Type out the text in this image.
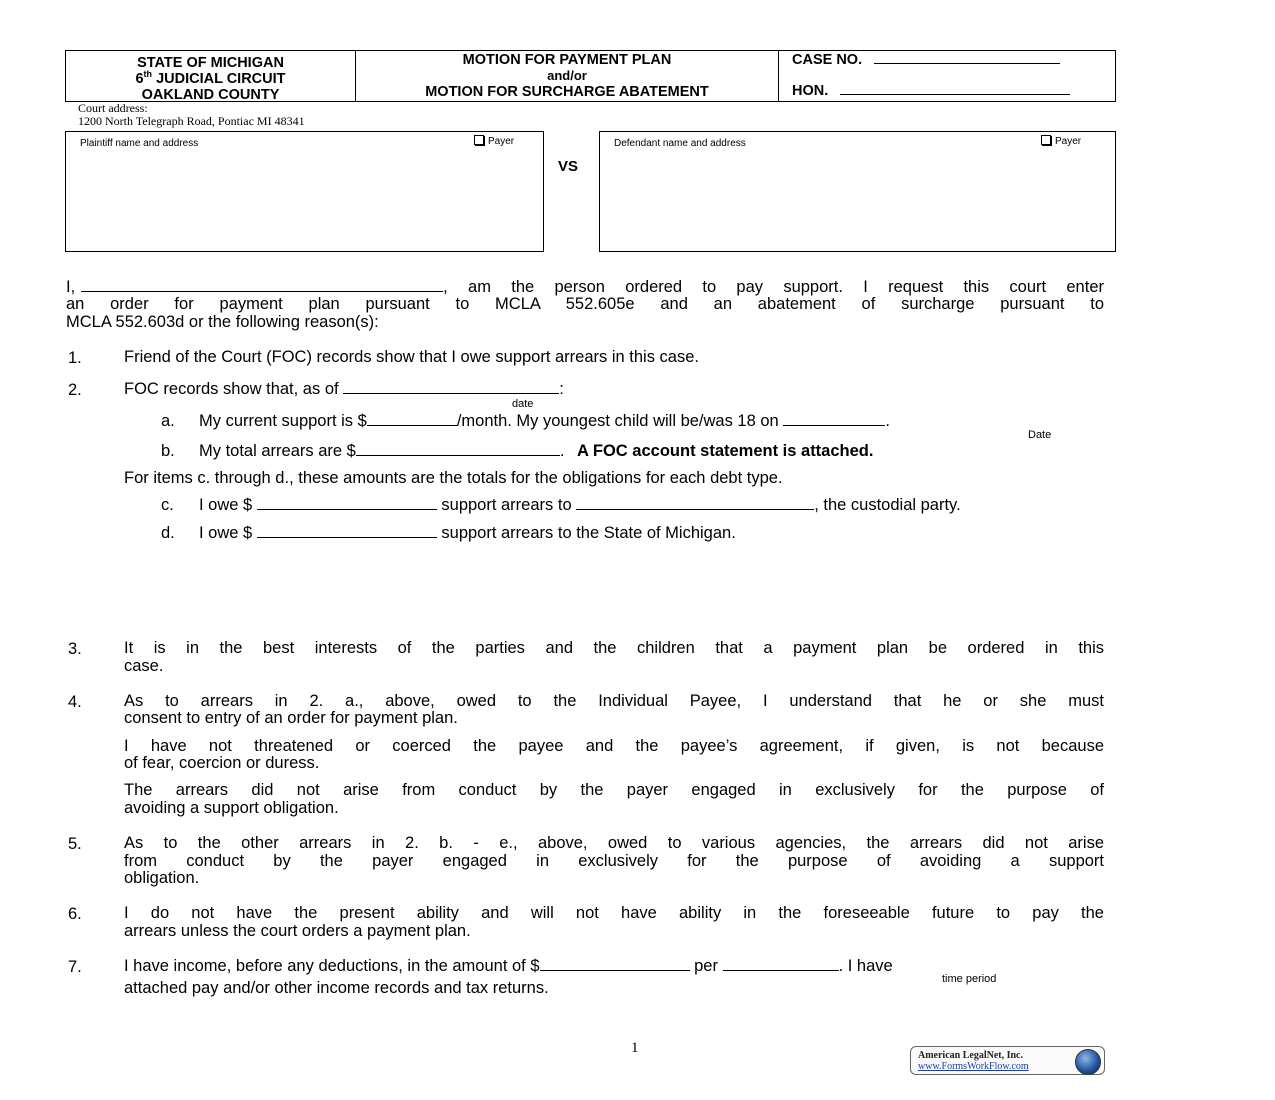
STATE OF MICHIGAN
6th JUDICIAL CIRCUIT
OAKLAND COUNTY
MOTION FOR PAYMENT PLAN
and/or
MOTION FOR SURCHARGE ABATEMENT
CASE NO.
HON.
Court address:
1200 North Telegraph Road, Pontiac MI 48341
Plaintiff name and address	Payer
VS
Defendant name and address	Payer
I,	, am the person ordered to pay support. I request this court enter
an order for payment plan pursuant to MCLA 552.605e and an abatement of surcharge pursuant to
MCLA 552.603d or the following reason(s):
1.	Friend of the Court (FOC) records show that I owe support arrears in this case.
2.	FOC records show that, as of	:
date
a. My current support is $	/month. My youngest child will be/was 18 on	.
Date
b. My total arrears are $	. A FOC account statement is attached.
For items c. through d., these amounts are the totals for the obligations for each debt type.
c. I owe $	support arrears to	, the custodial party.
d. I owe $	support arrears to the State of Michigan.
3.	It is in the best interests of the parties and the children that a payment plan be ordered in this
case.
4.	As to arrears in 2. a., above, owed to the Individual Payee, I understand that he or she must
consent to entry of an order for payment plan.
I have not threatened or coerced the payee and the payee’s agreement, if given, is not because
of fear, coercion or duress.
The arrears did not arise from conduct by the payer engaged in exclusively for the purpose of
avoiding a support obligation.
5.	As to the other arrears in 2. b. - e., above, owed to various agencies, the arrears did not arise
from conduct by the payer engaged in exclusively for the purpose of avoiding a support
obligation.
6.	I do not have the present ability and will not have ability in the foreseeable future to pay the
arrears unless the court orders a payment plan.
7.	I have income, before any deductions, in the amount of $	per	. I have
time period
attached pay and/or other income records and tax returns.
1	American LegalNet, Inc.
www.FormsWorkFlow.com
